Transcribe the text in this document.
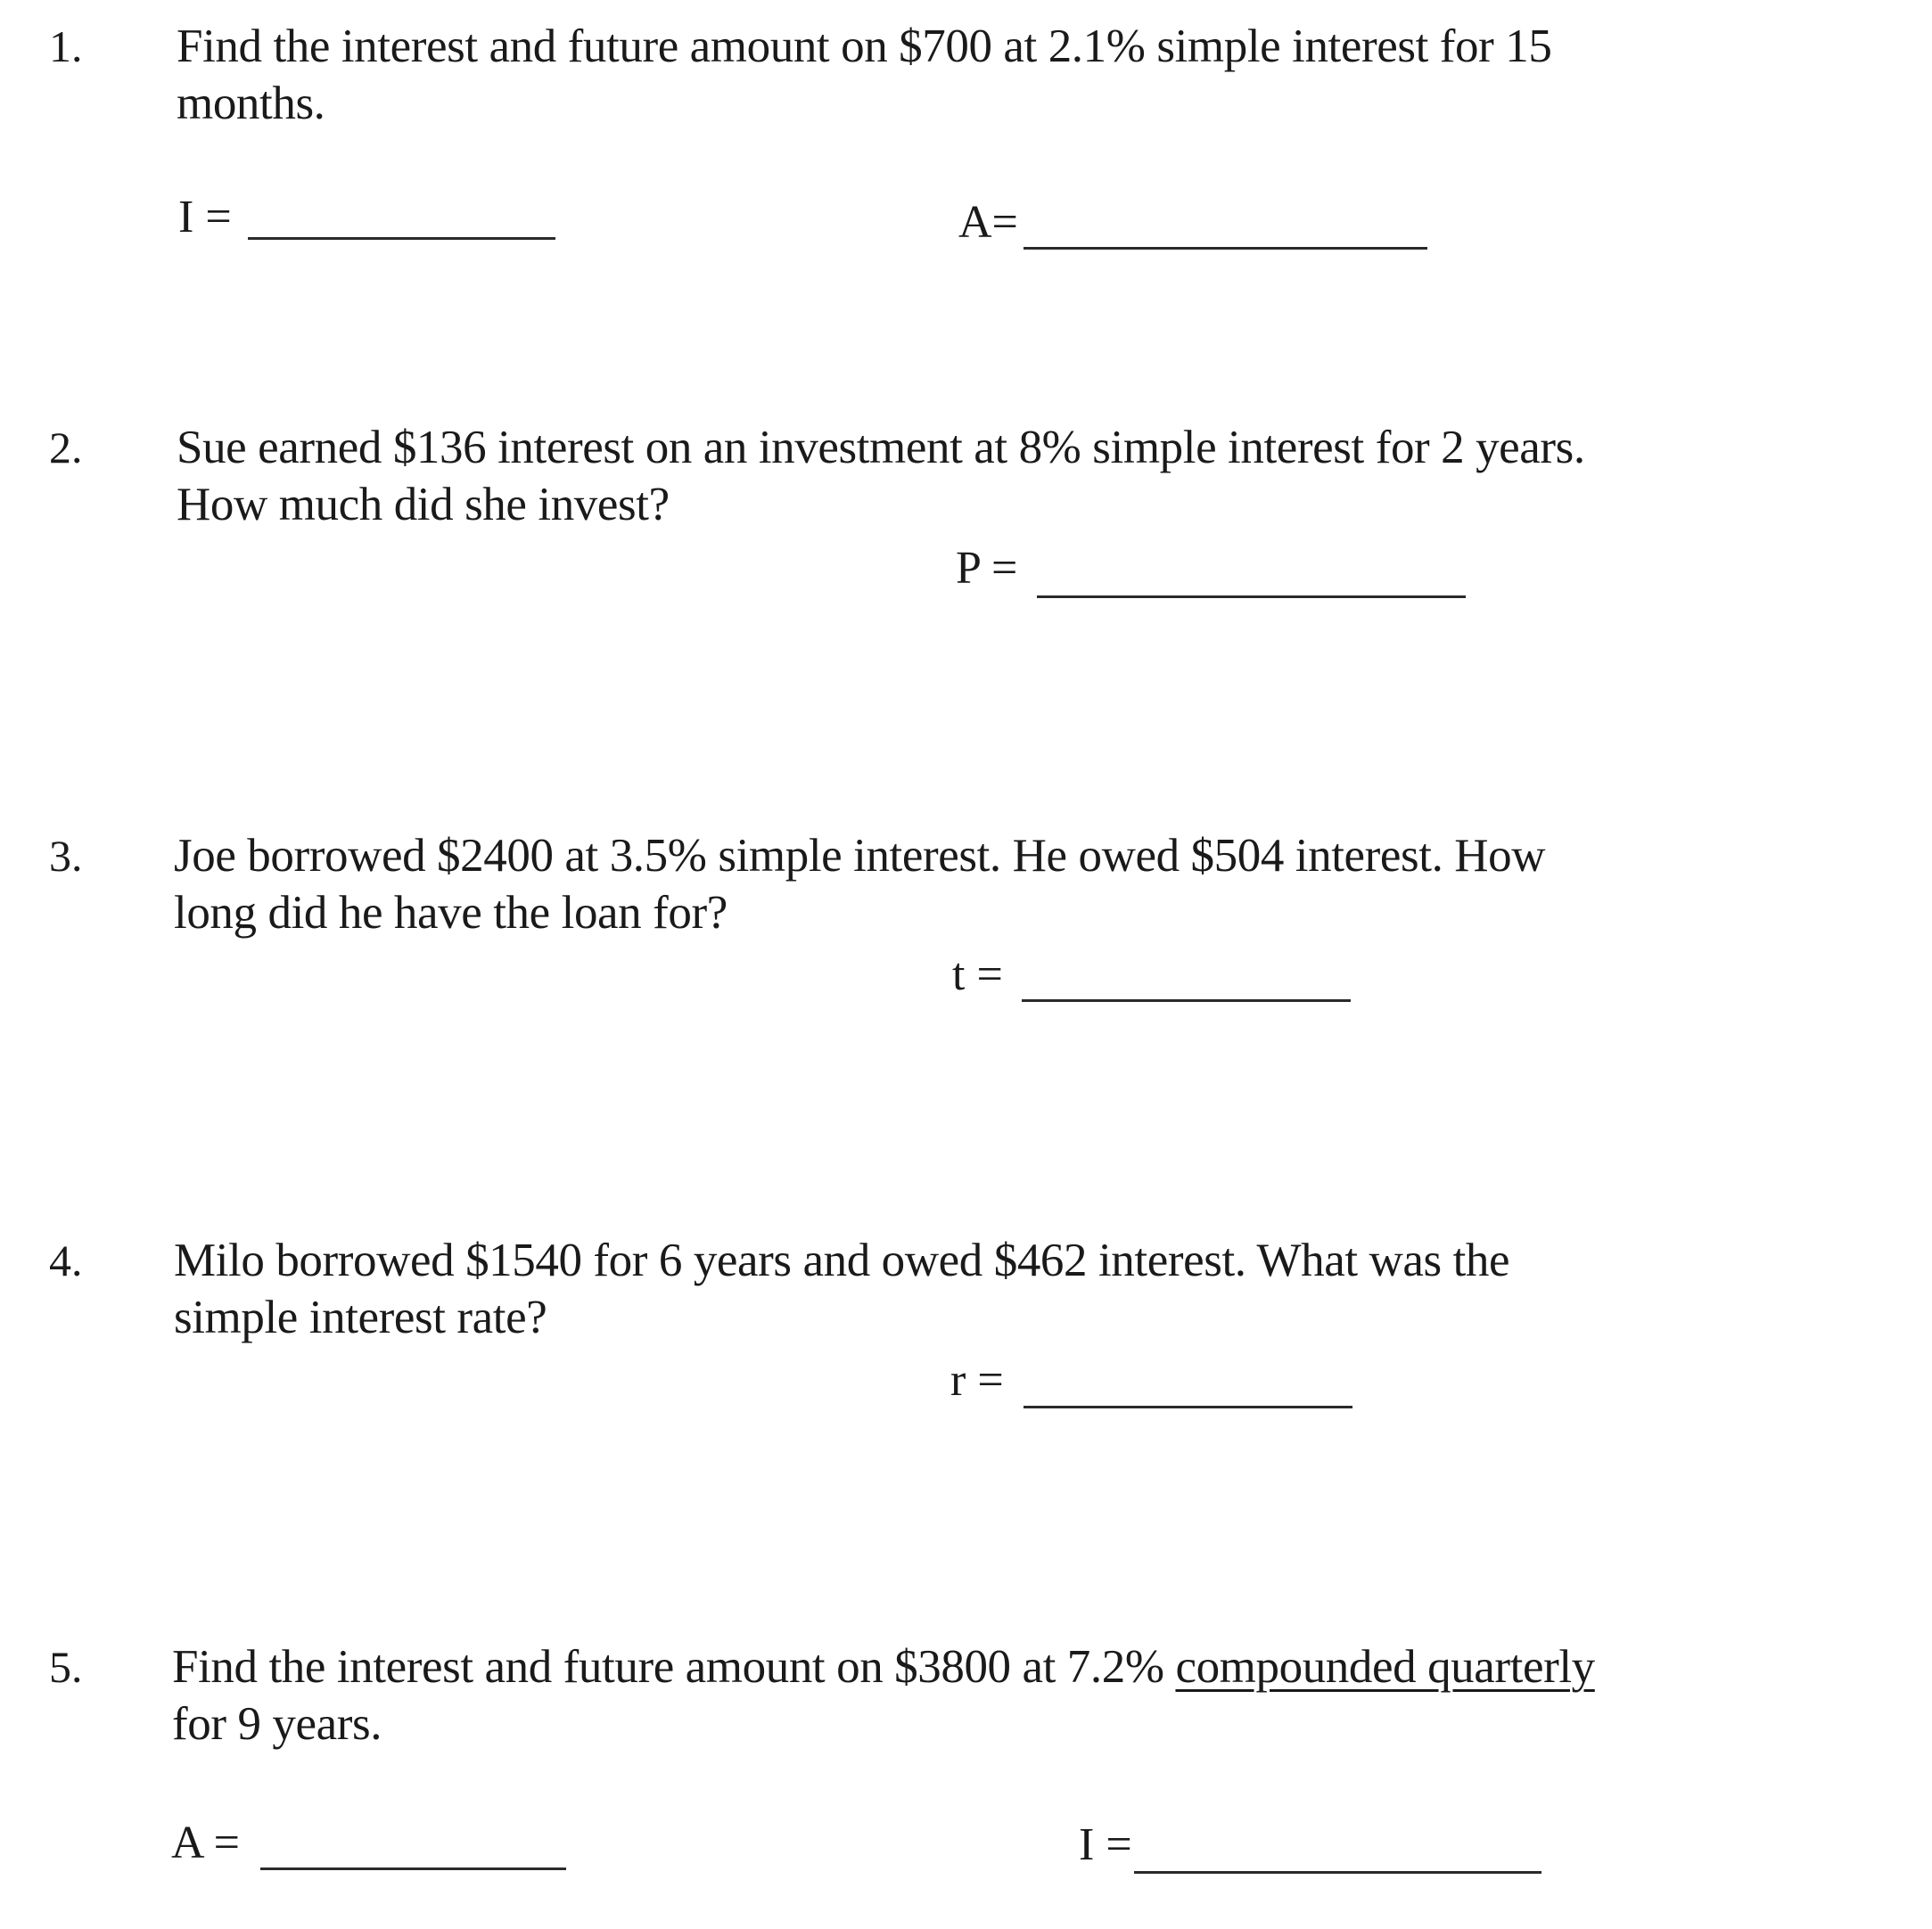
1. Find the interest and future amount on $700 at 2.1% simple interest for 15
months.
I =	A=
2. Sue earned $136 interest on an investment at 8% simple interest for 2 years.
How much did she invest?
P =
3. Joe borrowed $2400 at 3.5% simple interest. He owed $504 interest. How
long did he have the loan for?
t =
4. Milo borrowed $1540 for 6 years and owed $462 interest. What was the
simple interest rate?
r =
5. Find the interest and future amount on $3800 at 7.2% compounded quarterly
for 9 years.
A =	I =
